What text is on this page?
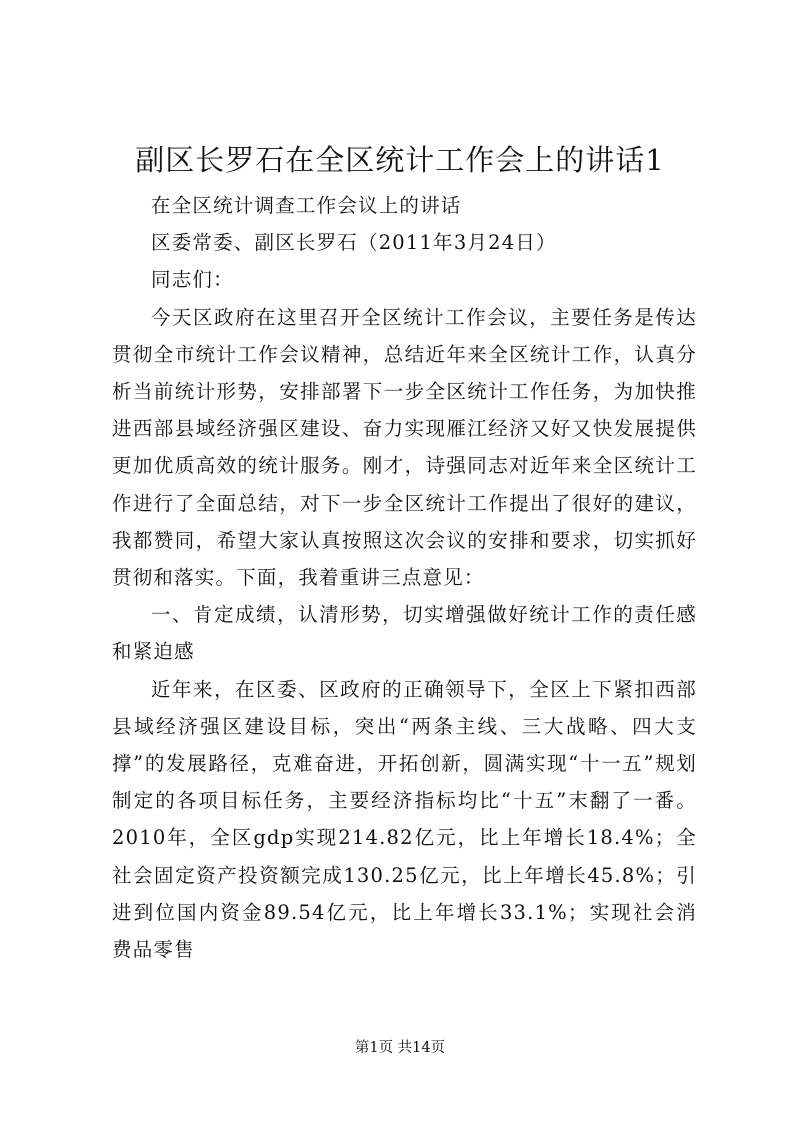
副区长罗石在全区统计工作会上的讲话1

在全区统计调查工作会议上的讲话

区委常委、副区长罗石（2011年3月24日）

同志们：

今天区政府在这里召开全区统计工作会议，主要任务是传达贯彻全市统计工作会议精神，总结近年来全区统计工作，认真分析当前统计形势，安排部署下一步全区统计工作任务，为加快推进西部县域经济强区建设、奋力实现雁江经济又好又快发展提供更加优质高效的统计服务。刚才，诗强同志对近年来全区统计工作进行了全面总结，对下一步全区统计工作提出了很好的建议，我都赞同，希望大家认真按照这次会议的安排和要求，切实抓好贯彻和落实。下面，我着重讲三点意见：

一、肯定成绩，认清形势，切实增强做好统计工作的责任感和紧迫感

近年来，在区委、区政府的正确领导下，全区上下紧扣西部县域经济强区建设目标，突出“两条主线、三大战略、四大支撑”的发展路径，克难奋进，开拓创新，圆满实现“十一五”规划制定的各项目标任务，主要经济指标均比“十五”末翻了一番。2010年，全区gdp实现214.82亿元，比上年增长18.4%；全社会固定资产投资额完成130.25亿元，比上年增长45.8%；引进到位国内资金89.54亿元，比上年增长33.1%；实现社会消费品零售

第1页 共14页
